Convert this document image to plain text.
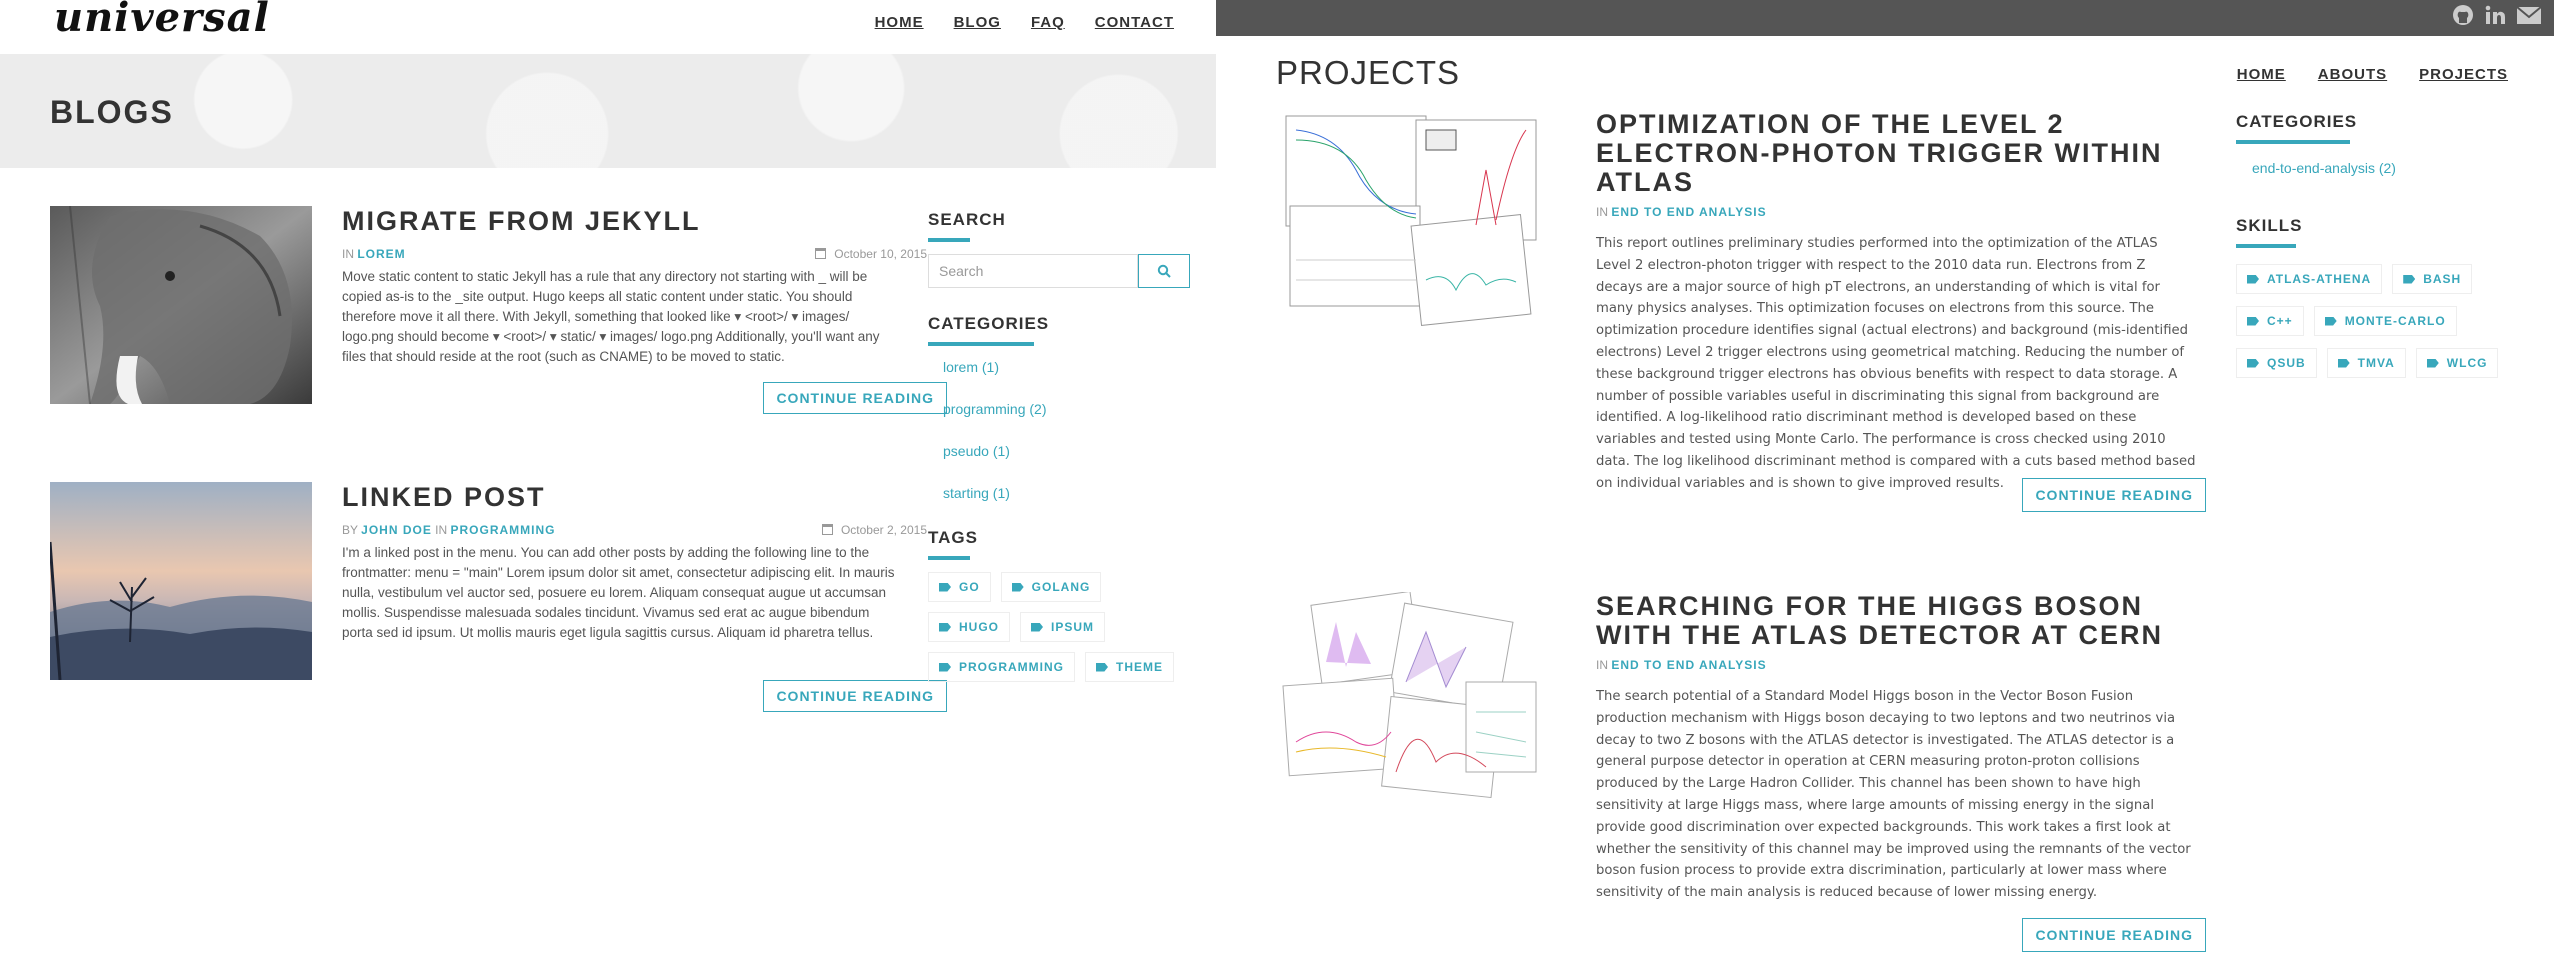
universal	HOME BLOG FAQ CONTACT
BLOGS
MIGRATE FROM JEKYLL
IN LOREM	October 10, 2015

Move static content to static Jekyll has a rule that any directory not starting with _ will be copied as-is to the _site output. Hugo keeps all static content under static. You should therefore move it all there. With Jekyll, something that looked like ▾ <root>/ ▾ images/ logo.png should become ▾ <root>/ ▾ static/ ▾ images/ logo.png Additionally, you'll want any files that should reside at the root (such as CNAME) to be moved to static.

CONTINUE READING
LINKED POST
BY JOHN DOE IN PROGRAMMING	October 2, 2015

I'm a linked post in the menu. You can add other posts by adding the following line to the frontmatter: menu = "main" Lorem ipsum dolor sit amet, consectetur adipiscing elit. In mauris nulla, vestibulum vel auctor sed, posuere eu lorem. Aliquam consequat augue ut accumsan mollis. Suspendisse malesuada sodales tincidunt. Vivamus sed erat ac augue bibendum porta sed id ipsum. Ut mollis mauris eget ligula sagittis cursus. Aliquam id pharetra tellus.

CONTINUE READING
SEARCH
Search
CATEGORIES
lorem (1)
programming (2)
pseudo (1)
starting (1)
TAGS
GO	GOLANG
HUGO	IPSUM
PROGRAMMING	THEME
PROJECTS	HOME ABOUTS PROJECTS
OPTIMIZATION OF THE LEVEL 2 ELECTRON-PHOTON TRIGGER WITHIN ATLAS
IN END TO END ANALYSIS

This report outlines preliminary studies performed into the optimization of the ATLAS Level 2 electron-photon trigger with respect to the 2010 data run. Electrons from Z decays are a major source of high pT electrons, an understanding of which is vital for many physics analyses. This optimization focuses on electrons from this source. The optimization procedure identifies signal (actual electrons) and background (mis-identified electrons) Level 2 trigger electrons using geometrical matching. Reducing the number of these background trigger electrons has obvious benefits with respect to data storage. A number of possible variables useful in discriminating this signal from background are identified. A log-likelihood ratio discriminant method is developed based on these variables and tested using Monte Carlo. The performance is cross checked using 2010 data. The log likelihood discriminant method is compared with a cuts based method based on individual variables and is shown to give improved results.

CONTINUE READING
SEARCHING FOR THE HIGGS BOSON WITH THE ATLAS DETECTOR AT CERN
IN END TO END ANALYSIS

The search potential of a Standard Model Higgs boson in the Vector Boson Fusion production mechanism with Higgs boson decaying to two leptons and two neutrinos via decay to two Z bosons with the ATLAS detector is investigated. The ATLAS detector is a general purpose detector in operation at CERN measuring proton-proton collisions produced by the Large Hadron Collider. This channel has been shown to have high sensitivity at large Higgs mass, where large amounts of missing energy in the signal provide good discrimination over expected backgrounds. This work takes a first look at whether the sensitivity of this channel may be improved using the remnants of the vector boson fusion process to provide extra discrimination, particularly at lower mass where sensitivity of the main analysis is reduced because of lower missing energy.

CONTINUE READING
CATEGORIES
end-to-end-analysis (2)
SKILLS
ATLAS-ATHENA	BASH
C++	MONTE-CARLO
QSUB	TMVA	WLCG
